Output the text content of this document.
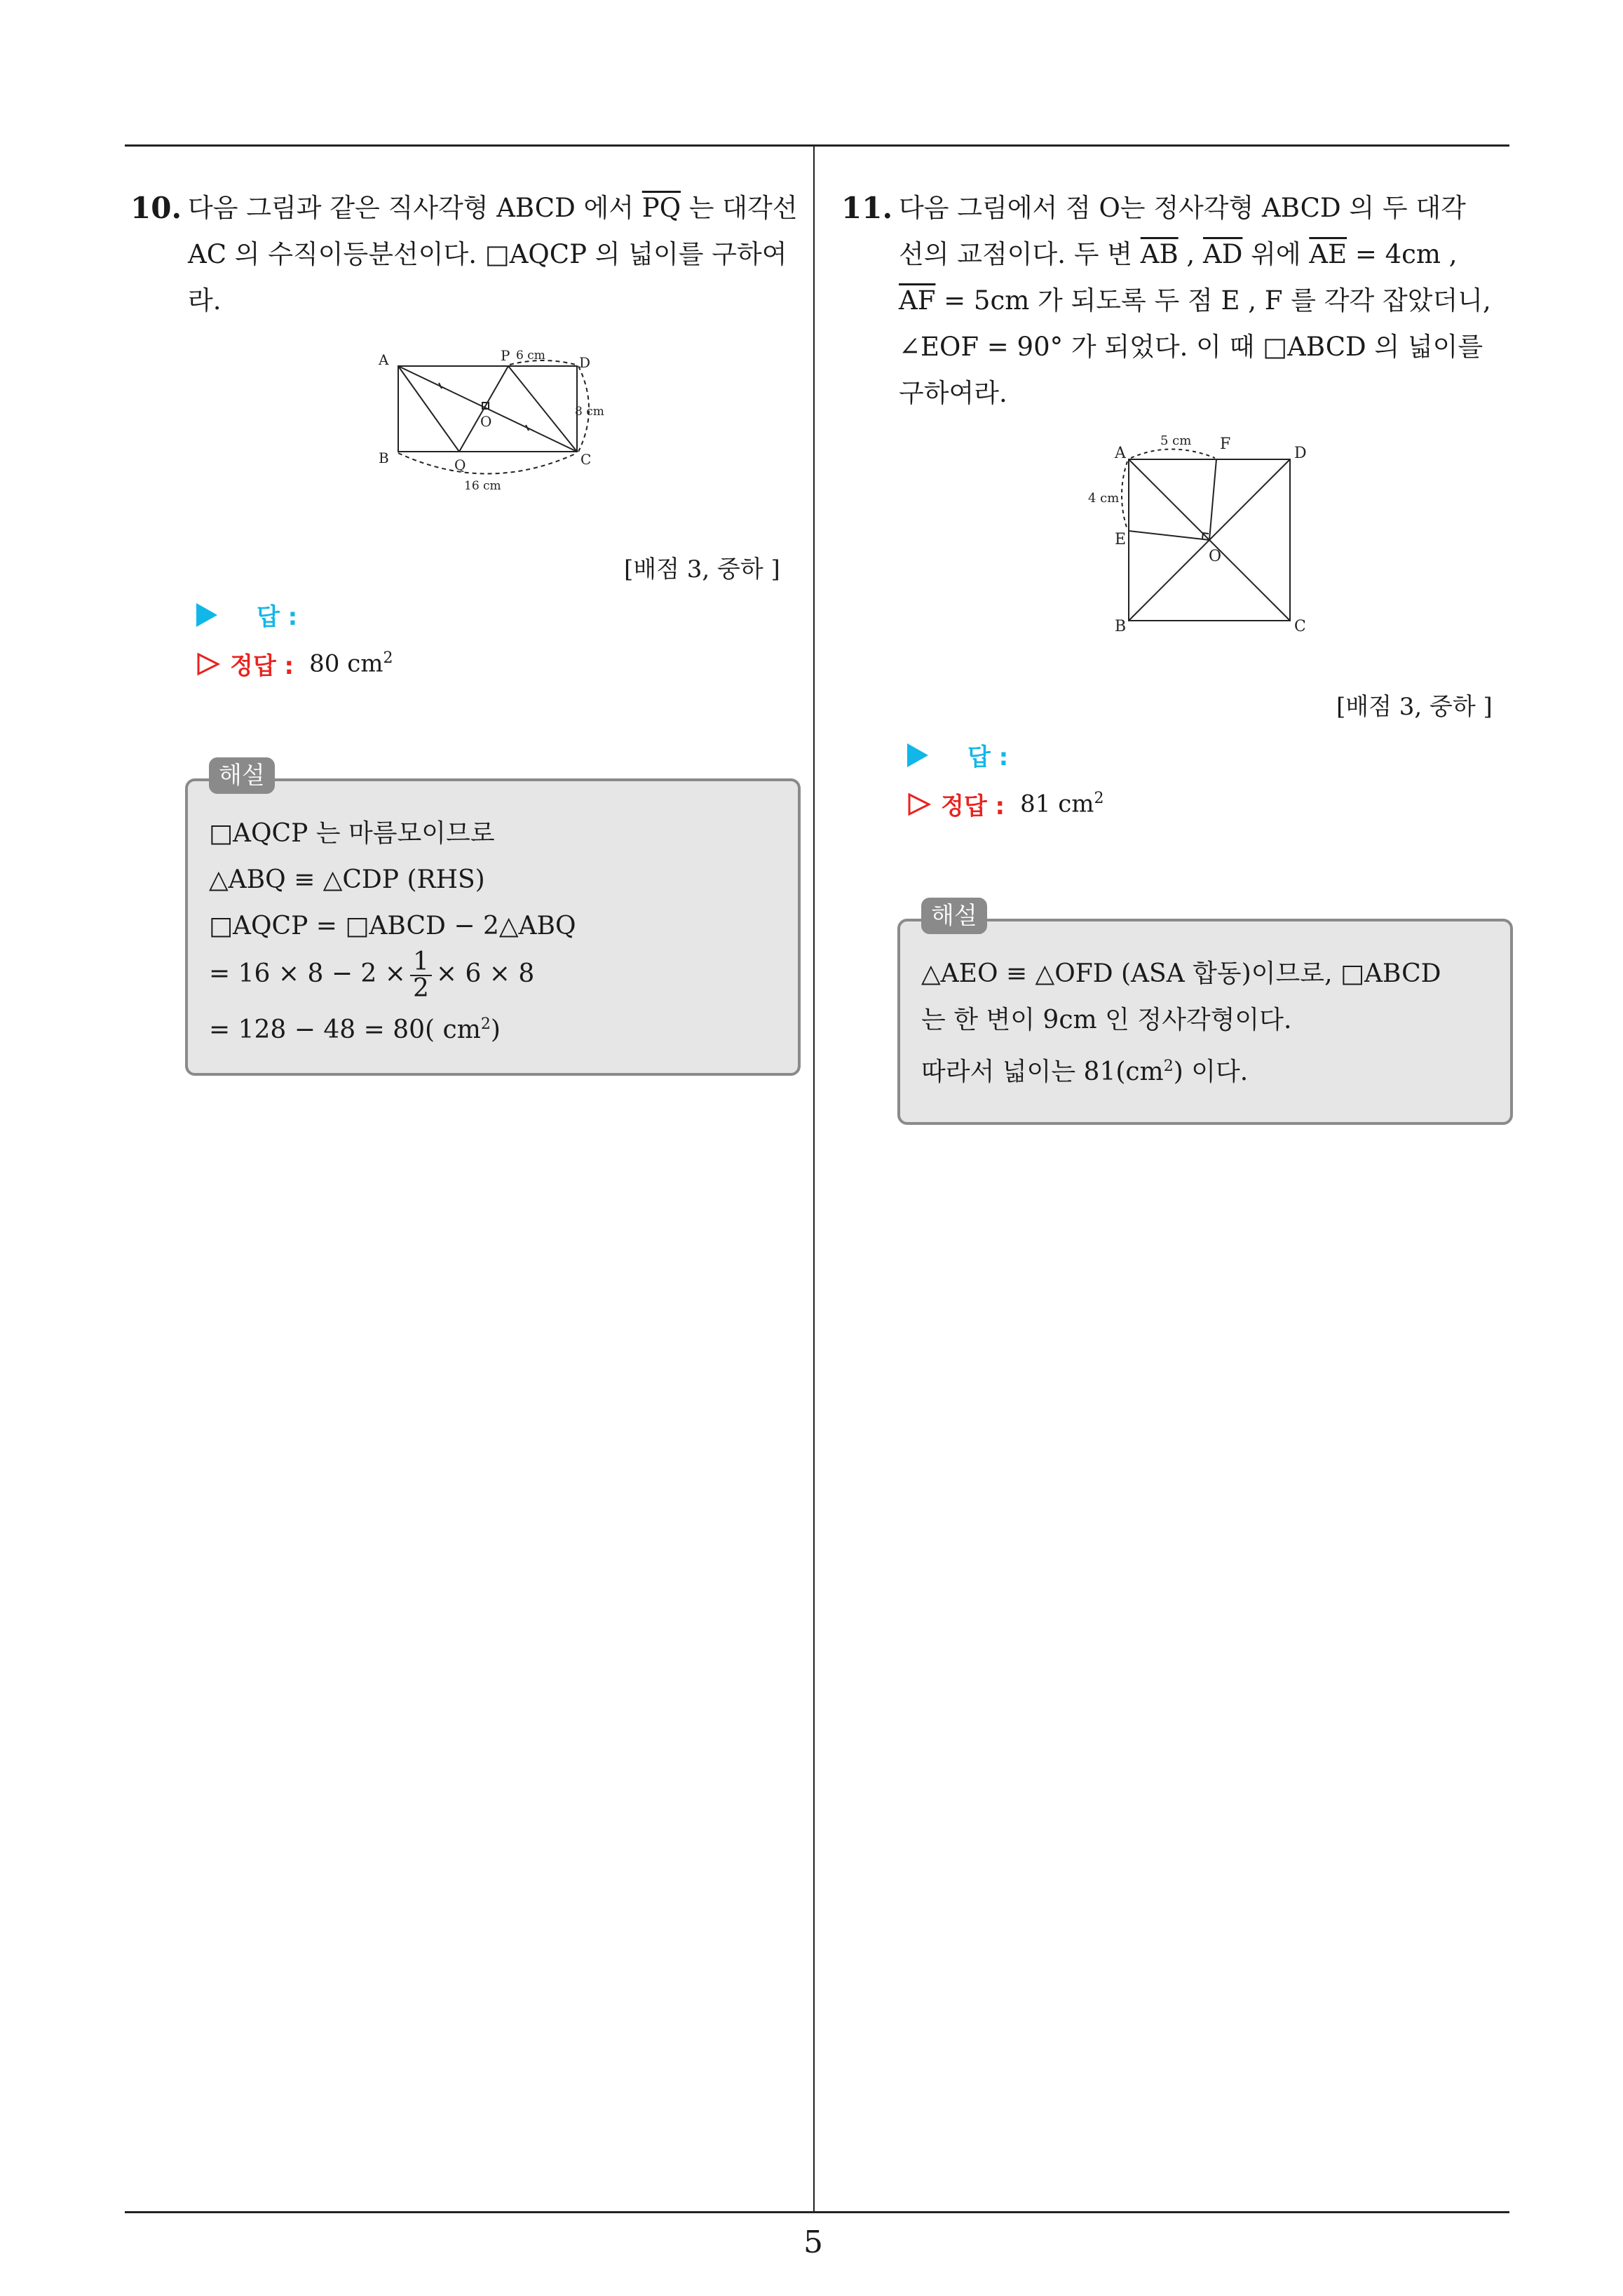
5
10. 다음 그림과 같은 직사각형 ABCD 에서 $\overline{PQ}$ 는 대각선
AC 의 수직이등분선이다. □AQCP 의 넓이를 구하여
라.
A
B	C
D
P
Q
O
6 cm
8 cm
16 cm
[배점 3, 중하 ]
답 :
정답 : 80 $cm^2$
□AQCP 는 마름모이므로
△ABQ ≡ △CDP (RHS)
□AQCP = □ABCD − 2△ABQ
= $16 \times 8 - 2 \times \frac{1}{2} \times 6 \times 8$
= 128 − 48 = 80( $cm^2$)
해설
11. 다음 그림에서 점 O는 정사각형 ABCD 의 두 대각
선의 교점이다. 두 변 $\overline{AB}$ , $\overline{AD}$ 위에 $\overline{AE} = 4cm$ ,
$\overline{AF} = 5cm$ 가 되도록 두 점 E , F 를 각각 잡았더니,
∠EOF = 90° 가 되었다. 이 때 □ABCD 의 넓이를
구하여라.
A
B	C
D
E
F
O
5 cm
4 cm
[배점 3, 중하 ]
답 :
정답 : 81 $cm^2$
△AEO ≡ △OFD (ASA 합동)이므로, □ABCD
는 한 변이 9cm 인 정사각형이다.
따라서 넓이는 $81(cm^2)$ 이다.
해설
